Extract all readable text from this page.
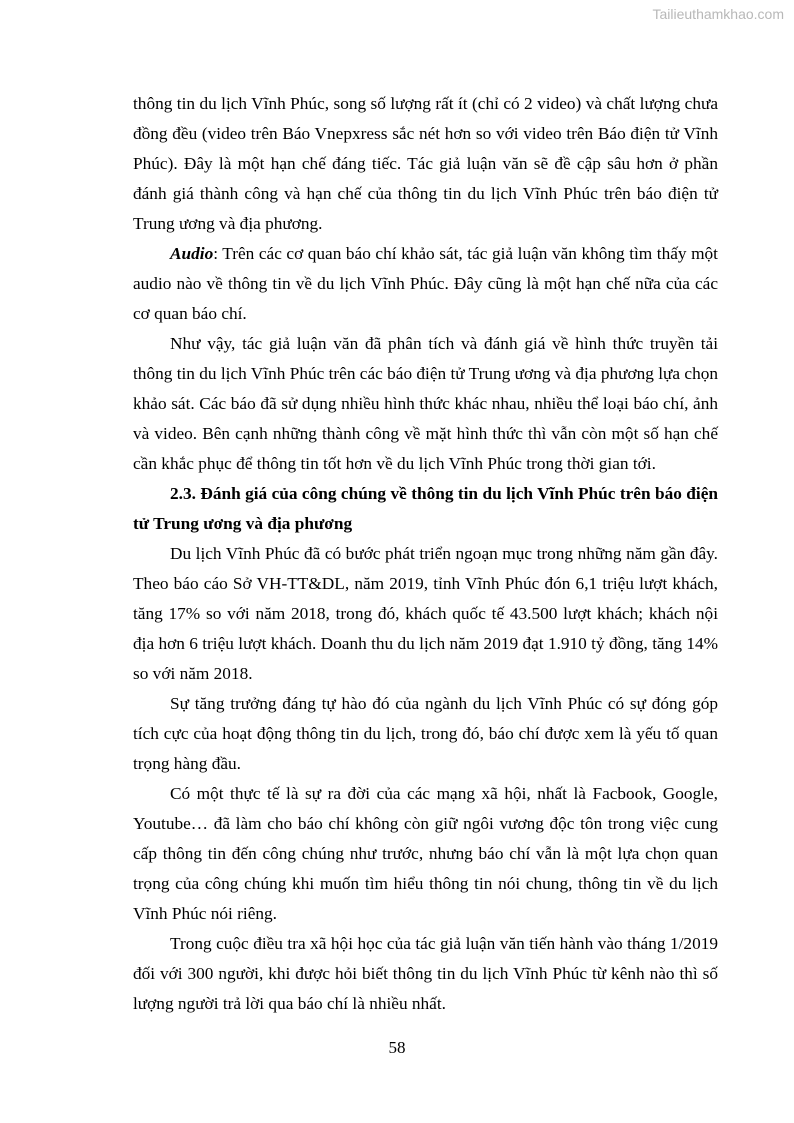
Tailieuthamkhao.com

thông tin du lịch Vĩnh Phúc, song số lượng rất ít (chỉ có 2 video) và chất lượng chưa đồng đều (video trên Báo Vnepxress sắc nét hơn so với video trên Báo điện tử Vĩnh Phúc). Đây là một hạn chế đáng tiếc. Tác giả luận văn sẽ đề cập sâu hơn ở phần đánh giá thành công và hạn chế của thông tin du lịch Vĩnh Phúc trên báo điện tử Trung ương và địa phương.

Audio: Trên các cơ quan báo chí khảo sát, tác giả luận văn không tìm thấy một audio nào về thông tin về du lịch Vĩnh Phúc. Đây cũng là một hạn chế nữa của các cơ quan báo chí.

Như vậy, tác giả luận văn đã phân tích và đánh giá về hình thức truyền tải thông tin du lịch Vĩnh Phúc trên các báo điện tử Trung ương và địa phương lựa chọn khảo sát. Các báo đã sử dụng nhiều hình thức khác nhau, nhiều thể loại báo chí, ảnh và video. Bên cạnh những thành công về mặt hình thức thì vẫn còn một số hạn chế cần khắc phục để thông tin tốt hơn về du lịch Vĩnh Phúc trong thời gian tới.

2.3. Đánh giá của công chúng về thông tin du lịch Vĩnh Phúc trên báo điện tử Trung ương và địa phương

Du lịch Vĩnh Phúc đã có bước phát triển ngoạn mục trong những năm gần đây. Theo báo cáo Sở VH-TT&DL, năm 2019, tỉnh Vĩnh Phúc đón 6,1 triệu lượt khách, tăng 17% so với năm 2018, trong đó, khách quốc tế 43.500 lượt khách; khách nội địa hơn 6 triệu lượt khách. Doanh thu du lịch năm 2019 đạt 1.910 tỷ đồng, tăng 14% so với năm 2018.

Sự tăng trưởng đáng tự hào đó của ngành du lịch Vĩnh Phúc có sự đóng góp tích cực của hoạt động thông tin du lịch, trong đó, báo chí được xem là yếu tố quan trọng hàng đầu.

Có một thực tế là sự ra đời của các mạng xã hội, nhất là Facbook, Google, Youtube… đã làm cho báo chí không còn giữ ngôi vương độc tôn trong việc cung cấp thông tin đến công chúng như trước, nhưng báo chí vẫn là một lựa chọn quan trọng của công chúng khi muốn tìm hiểu thông tin nói chung, thông tin về du lịch Vĩnh Phúc nói riêng.

Trong cuộc điều tra xã hội học của tác giả luận văn tiến hành vào tháng 1/2019 đối với 300 người, khi được hỏi biết thông tin du lịch Vĩnh Phúc từ kênh nào thì số lượng người trả lời qua báo chí là nhiều nhất.

58
